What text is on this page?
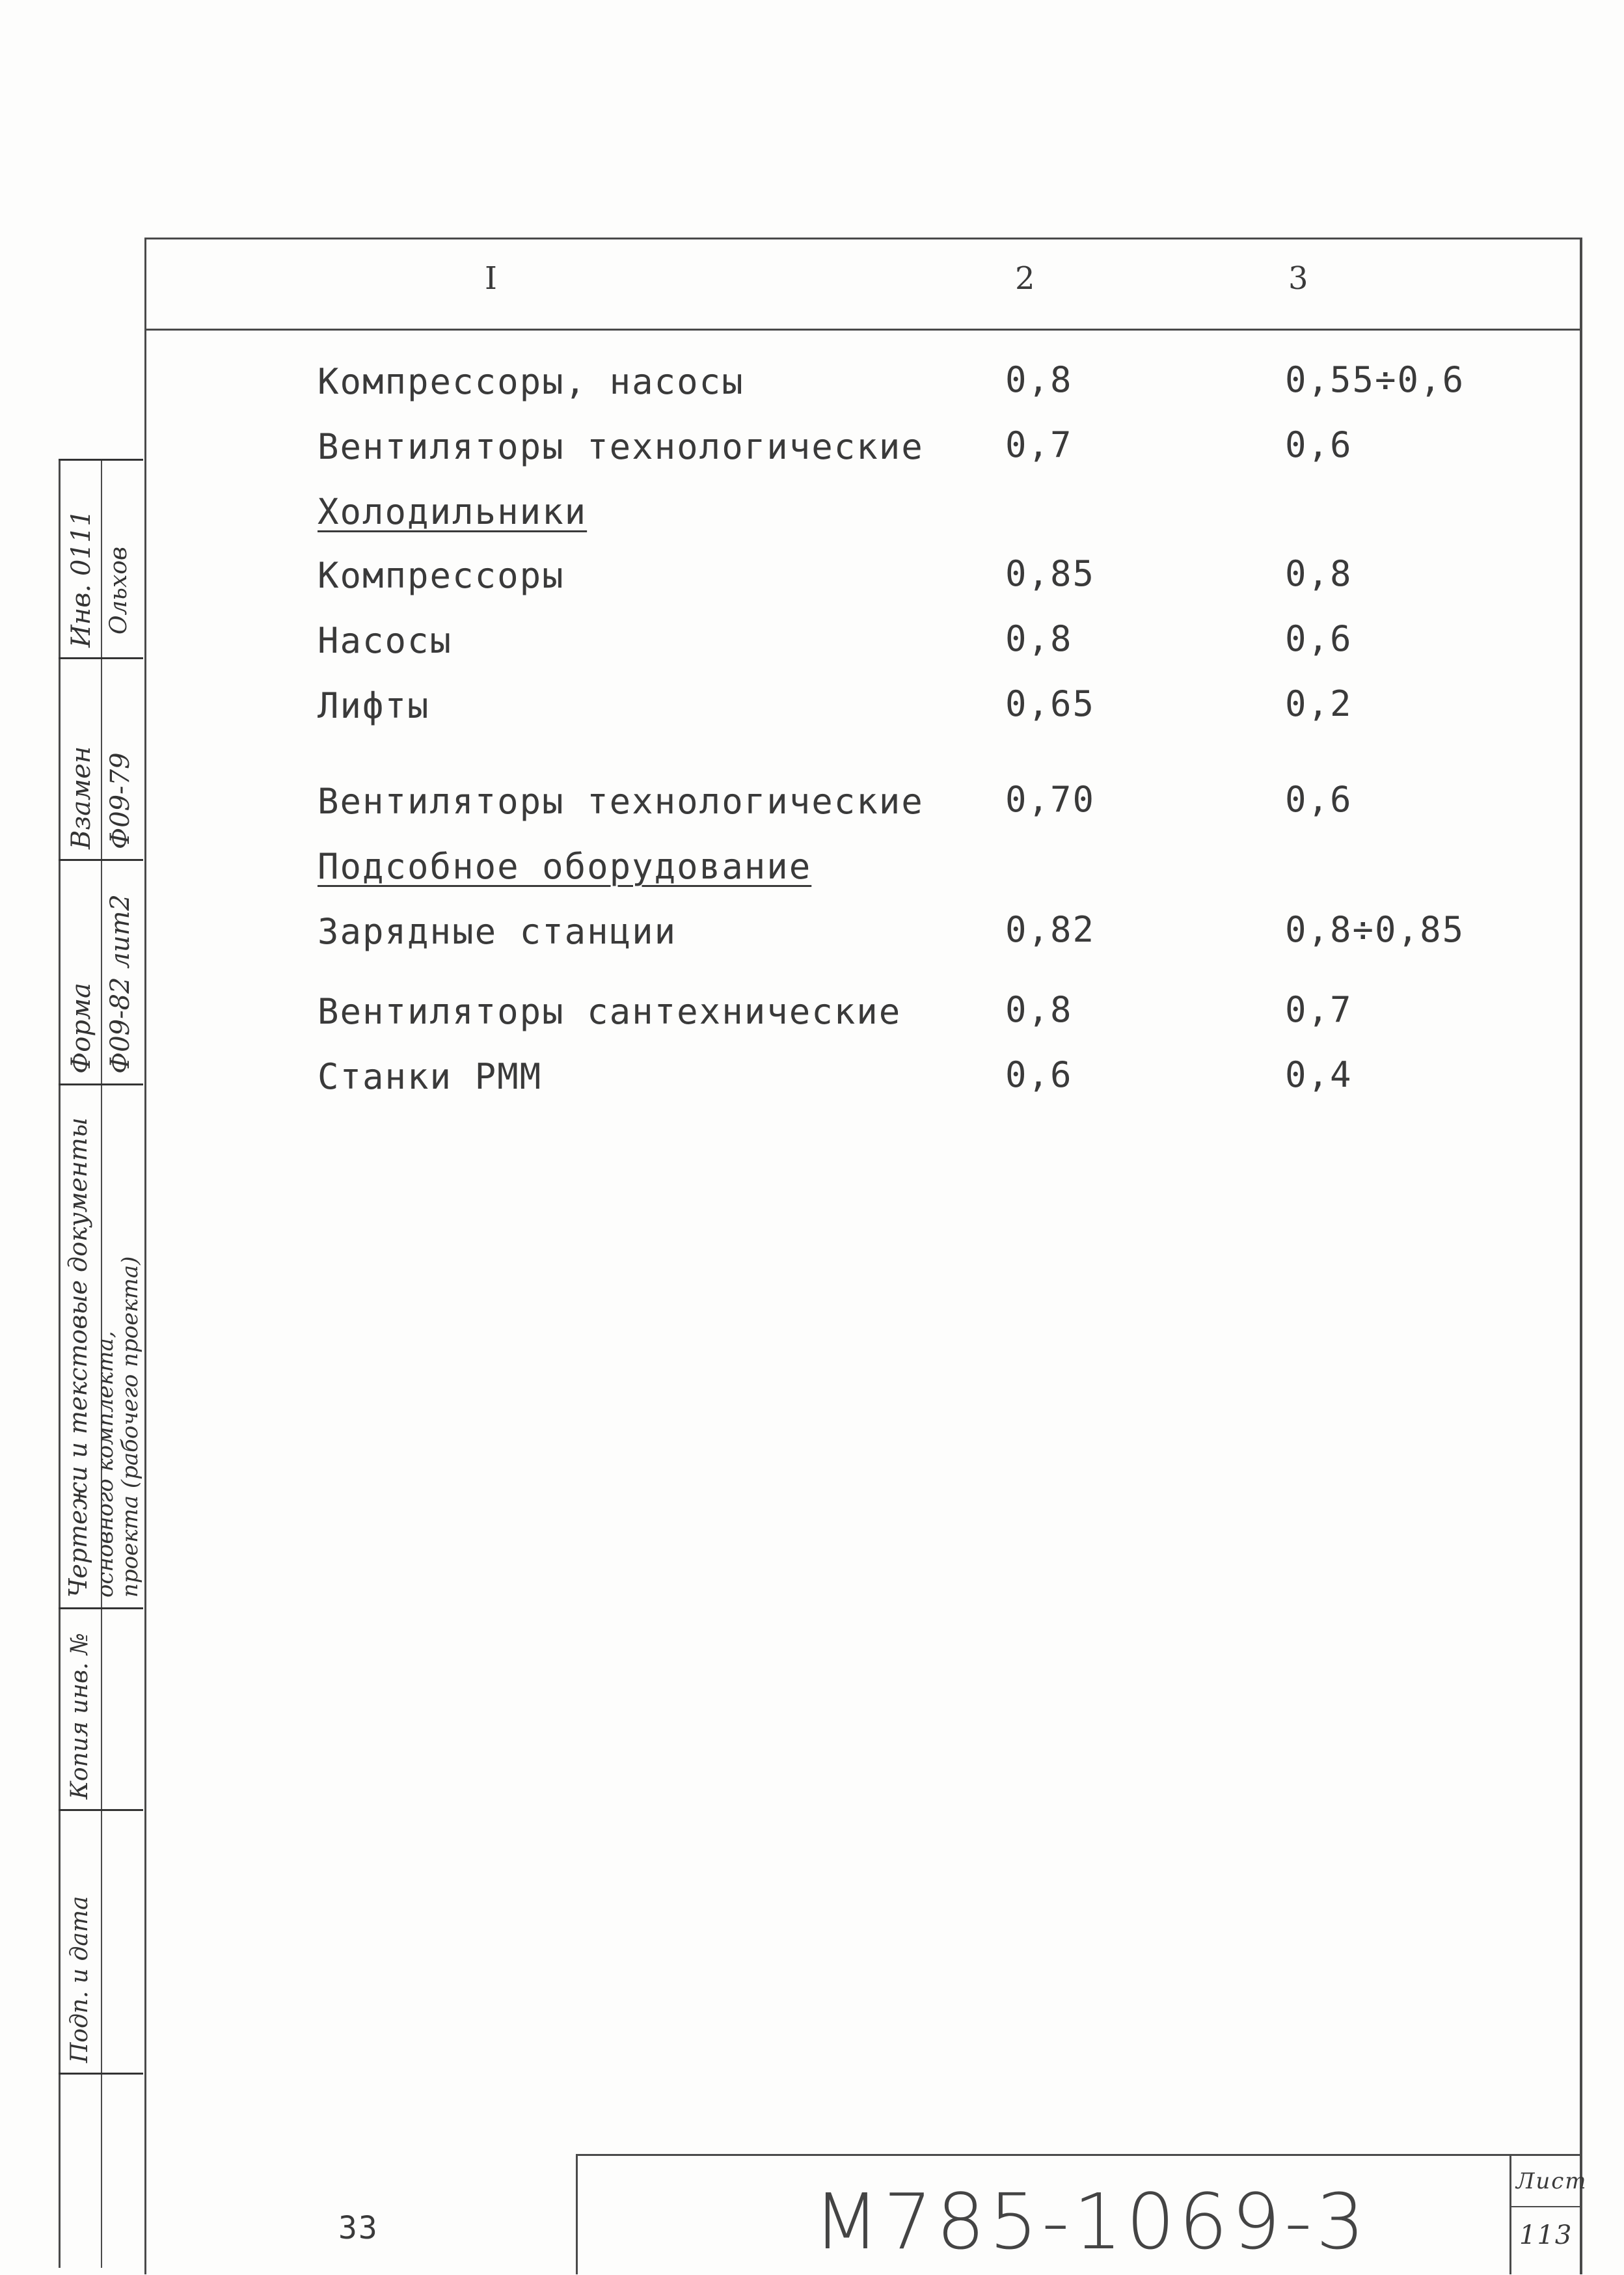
I	2	3
Компрессоры, насосы	0,8	0,55÷0,6
Вентиляторы технологические 0,7	0,6
Холодильники
Компрессоры	0,85	0,8
Насосы	0,8	0,6
Лифты	0,65	0,2
Вентиляторы технологические 0,70	0,6
Подсобное оборудование
Зарядные станции	0,82	0,8÷0,85
Вентиляторы сантехнические	0,8	0,7
Станки РММ	0,6	0,4
Инв. 0111 Ольхов
Взамен Ф09-79
Форма Ф09-82 лит2
Чертежи и текстовые документы основного комплекта,
проекта (рабочего проекта)
Копия инв. №
Подп. и дата
33	М785-1069-3	Лист
113
